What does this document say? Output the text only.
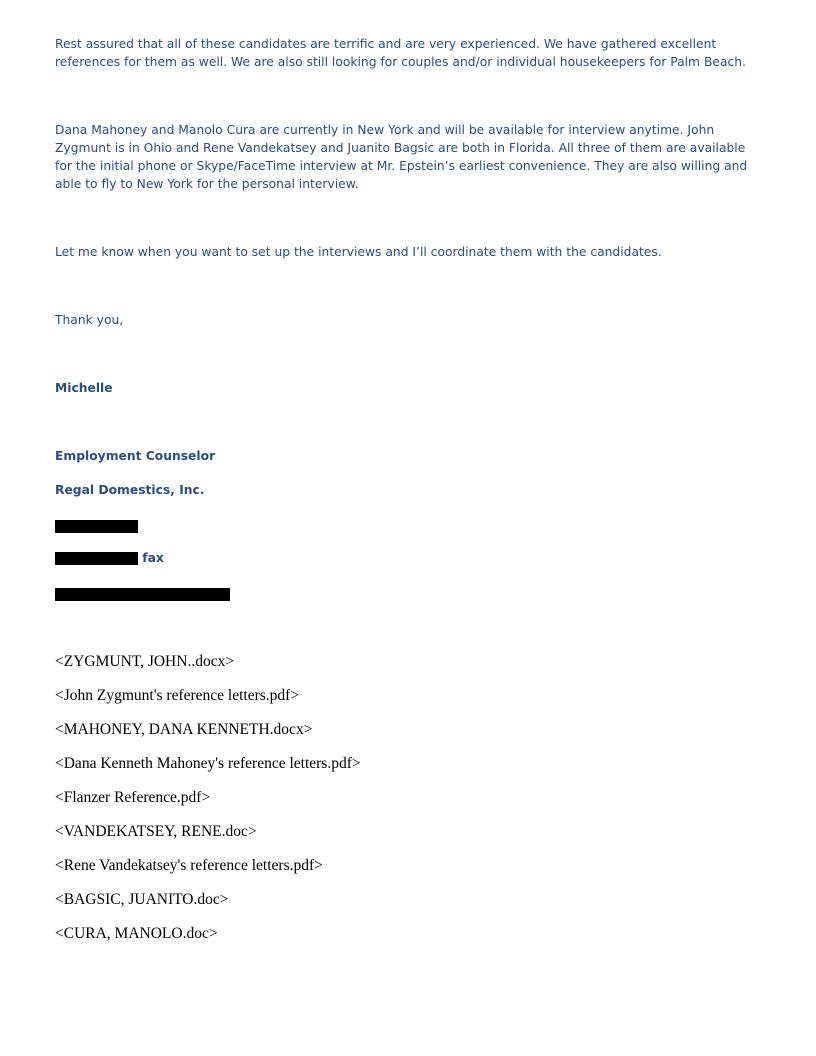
Rest assured that all of these candidates are terrific and are very experienced. We have gathered excellent references for them as well. We are also still looking for couples and/or individual housekeepers for Palm Beach.
Dana Mahoney and Manolo Cura are currently in New York and will be available for interview anytime. John Zygmunt is in Ohio and Rene Vandekatsey and Juanito Bagsic are both in Florida. All three of them are available for the initial phone or Skype/FaceTime interview at Mr. Epstein’s earliest convenience. They are also willing and able to fly to New York for the personal interview.
Let me know when you want to set up the interviews and I’ll coordinate them with the candidates.
Thank you,
Michelle
Employment Counselor
Regal Domestics, Inc.
fax
<ZYGMUNT, JOHN..docx>
<John Zygmunt's reference letters.pdf>
<MAHONEY, DANA KENNETH.docx>
<Dana Kenneth Mahoney's reference letters.pdf>
<Flanzer Reference.pdf>
<VANDEKATSEY, RENE.doc>
<Rene Vandekatsey's reference letters.pdf>
<BAGSIC, JUANITO.doc>
<CURA, MANOLO.doc>
